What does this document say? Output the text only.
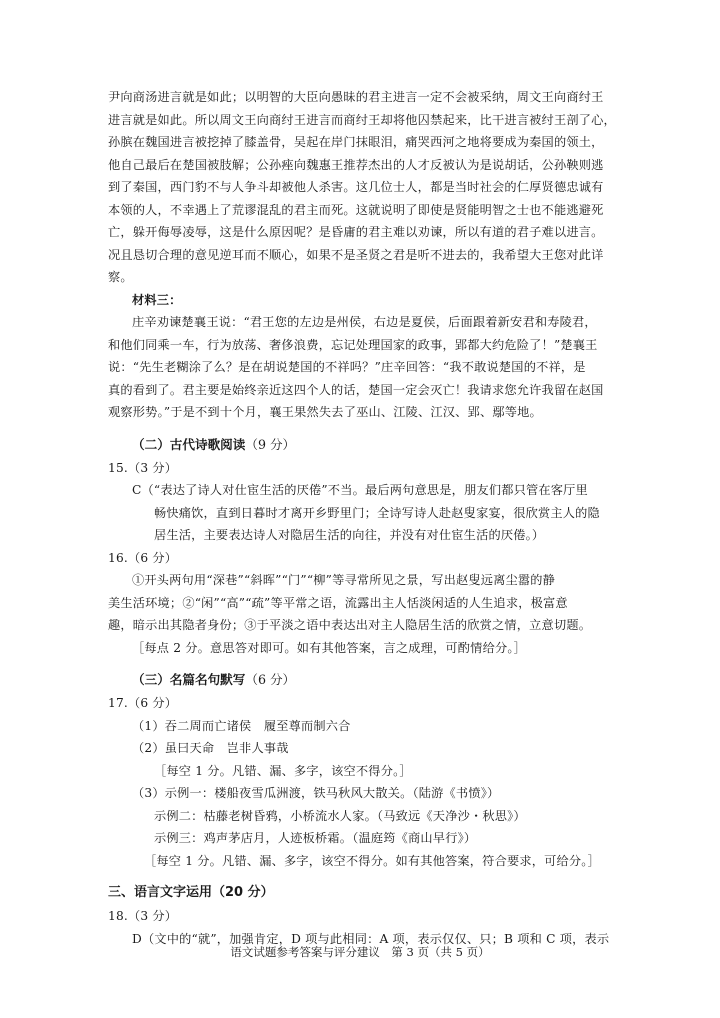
尹向商汤进言就是如此；以明智的大臣向愚昧的君主进言一定不会被采纳，周文王向商纣王

进言就是如此。所以周文王向商纣王进言而商纣王却将他囚禁起来，比干进言被纣王剖了心，

孙膑在魏国进言被挖掉了膝盖骨，吴起在岸门抹眼泪，痛哭西河之地将要成为秦国的领土，

他自己最后在楚国被肢解；公孙痤向魏惠王推荐杰出的人才反被认为是说胡话，公孙鞅则逃

到了秦国，西门豹不与人争斗却被他人杀害。这几位士人，都是当时社会的仁厚贤德忠诚有

本领的人，不幸遇上了荒谬混乱的君主而死。这就说明了即使是贤能明智之士也不能逃避死

亡，躲开侮辱凌辱，这是什么原因呢？是昏庸的君主难以劝谏，所以有道的君子难以进言。

况且恳切合理的意见逆耳而不顺心，如果不是圣贤之君是听不进去的，我希望大王您对此详

察。

材料三：

庄辛劝谏楚襄王说：“君王您的左边是州侯，右边是夏侯，后面跟着新安君和寿陵君，

和他们同乘一车，行为放荡、奢侈浪费，忘记处理国家的政事，郢都大约危险了！”楚襄王

说：“先生老糊涂了么？是在胡说楚国的不祥吗？”庄辛回答：“我不敢说楚国的不祥，是

真的看到了。君主要是始终亲近这四个人的话，楚国一定会灭亡！我请求您允许我留在赵国

观察形势。”于是不到十个月，襄王果然失去了巫山、江陵、江汉、郢、鄢等地。

（二）古代诗歌阅读（9 分）

15.（3 分）

C（“表达了诗人对仕宦生活的厌倦”不当。最后两句意思是，朋友们都只管在客厅里

畅快痛饮，直到日暮时才离开乡野里门；全诗写诗人赴赵叟家宴，很欣赏主人的隐

居生活，主要表达诗人对隐居生活的向往，并没有对仕宦生活的厌倦。）

16.（6 分）

①开头两句用“深巷”“斜晖”“门”“柳”等寻常所见之景，写出赵叟远离尘嚣的静

美生活环境；②“闲”“高”“疏”等平常之语，流露出主人恬淡闲适的人生追求，极富意

趣，暗示出其隐者身份；③于平淡之语中表达出对主人隐居生活的欣赏之情，立意切题。

［每点 2 分。意思答对即可。如有其他答案，言之成理，可酌情给分。］

（三）名篇名句默写（6 分）

17.（6 分）

（1）吞二周而亡诸侯　履至尊而制六合

（2）虽曰天命　岂非人事哉

［每空 1 分。凡错、漏、多字，该空不得分。］

（3）示例一：楼船夜雪瓜洲渡，铁马秋风大散关。（陆游《书愤》）

示例二：枯藤老树昏鸦，小桥流水人家。（马致远《天净沙・秋思》）

示例三：鸡声茅店月，人迹板桥霜。（温庭筠《商山早行》）

［每空 1 分。凡错、漏、多字，该空不得分。如有其他答案，符合要求，可给分。］

三、语言文字运用（20 分）

18.（3 分）

D（文中的“就”，加强肯定，D 项与此相同：A 项，表示仅仅、只；B 项和 C 项，表示

语文试题参考答案与评分建议　第 3 页（共 5 页）
